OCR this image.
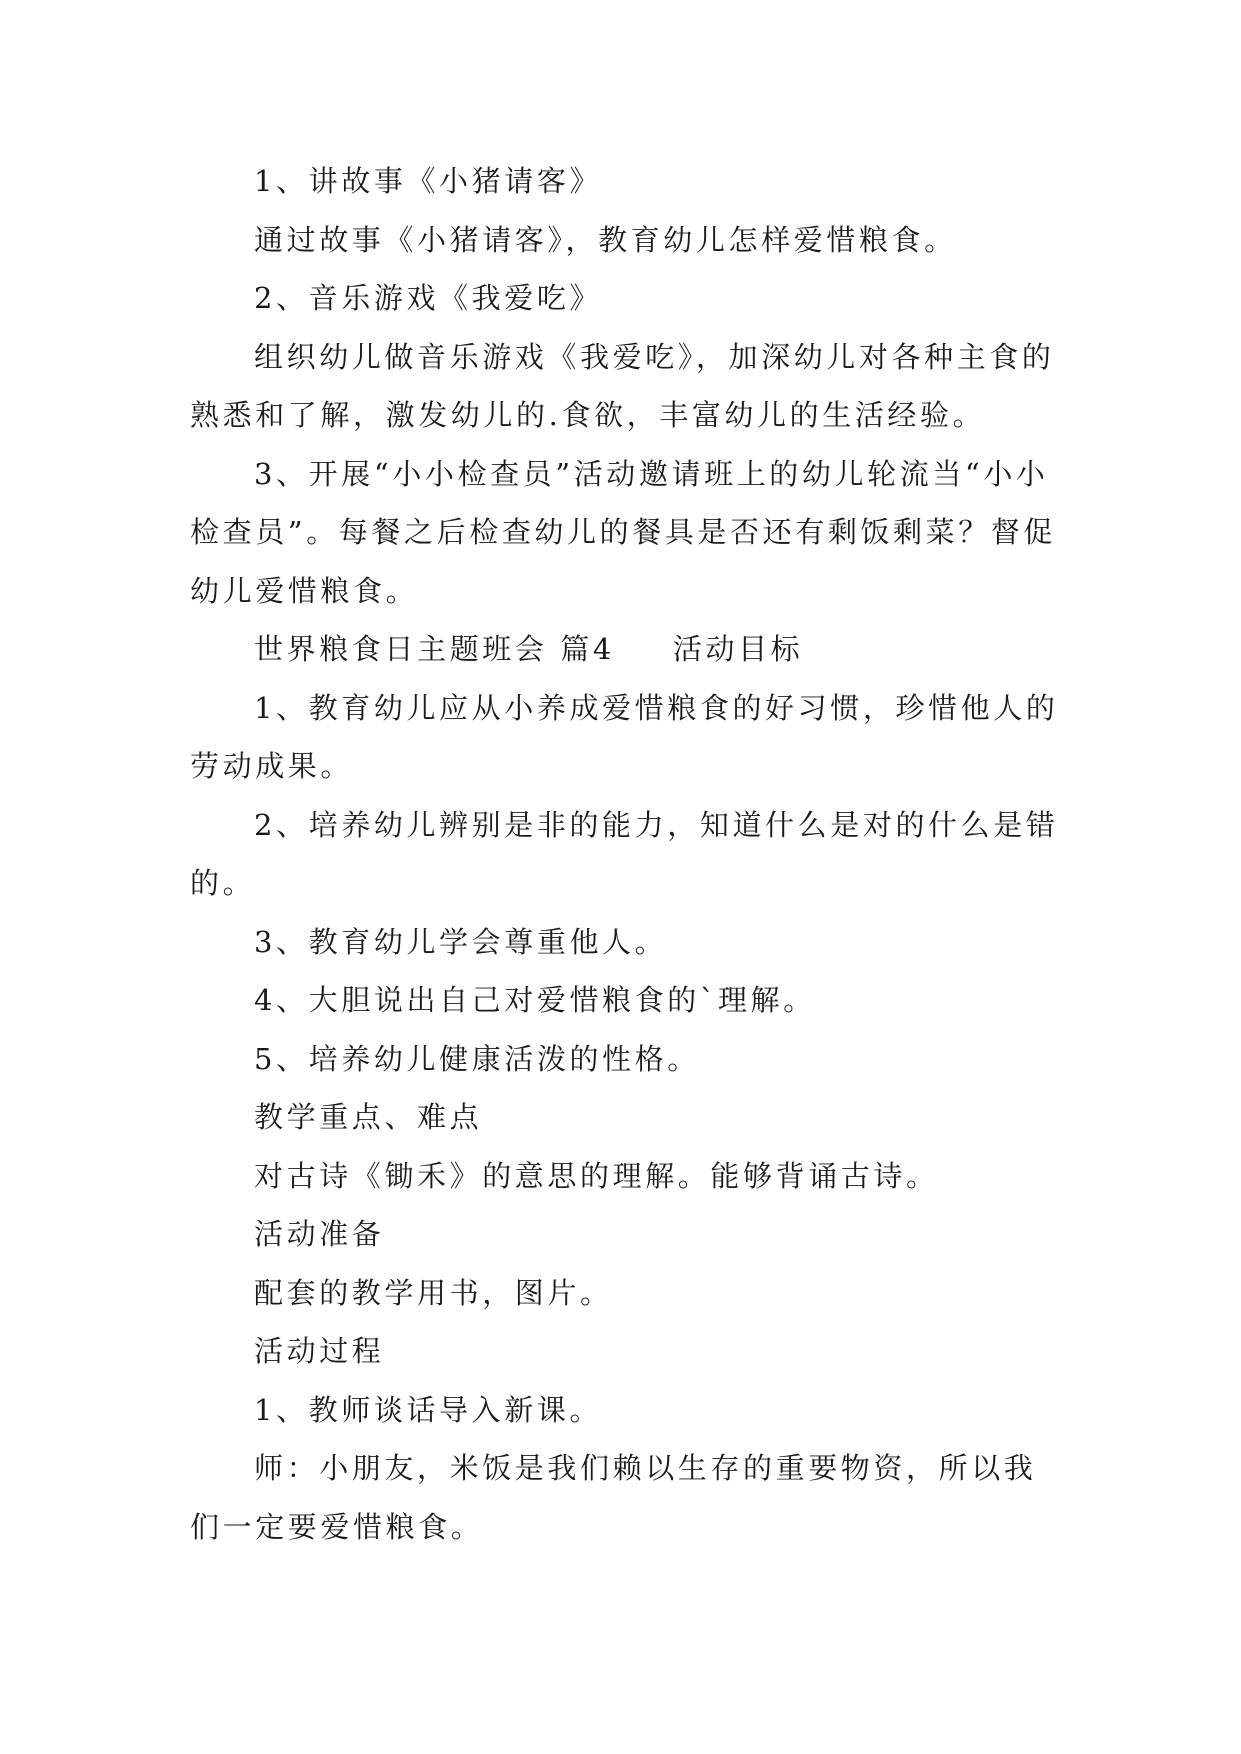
1、讲故事《小猪请客》

通过故事《小猪请客》，教育幼儿怎样爱惜粮食。

2、音乐游戏《我爱吃》

组织幼儿做音乐游戏《我爱吃》，加深幼儿对各种主食的熟悉和了解，激发幼儿的.食欲，丰富幼儿的生活经验。

3、开展“小小检查员”活动邀请班上的幼儿轮流当“小小检查员”。每餐之后检查幼儿的餐具是否还有剩饭剩菜？督促幼儿爱惜粮食。

世界粮食日主题班会 篇4 活动目标

1、教育幼儿应从小养成爱惜粮食的好习惯，珍惜他人的劳动成果。

2、培养幼儿辨别是非的能力，知道什么是对的什么是错的。

3、教育幼儿学会尊重他人。

4、大胆说出自己对爱惜粮食的`理解。

5、培养幼儿健康活泼的性格。

教学重点、难点

对古诗《锄禾》的意思的理解。能够背诵古诗。

活动准备

配套的教学用书，图片。

活动过程

1、教师谈话导入新课。

师：小朋友，米饭是我们赖以生存的重要物资，所以我们一定要爱惜粮食。
